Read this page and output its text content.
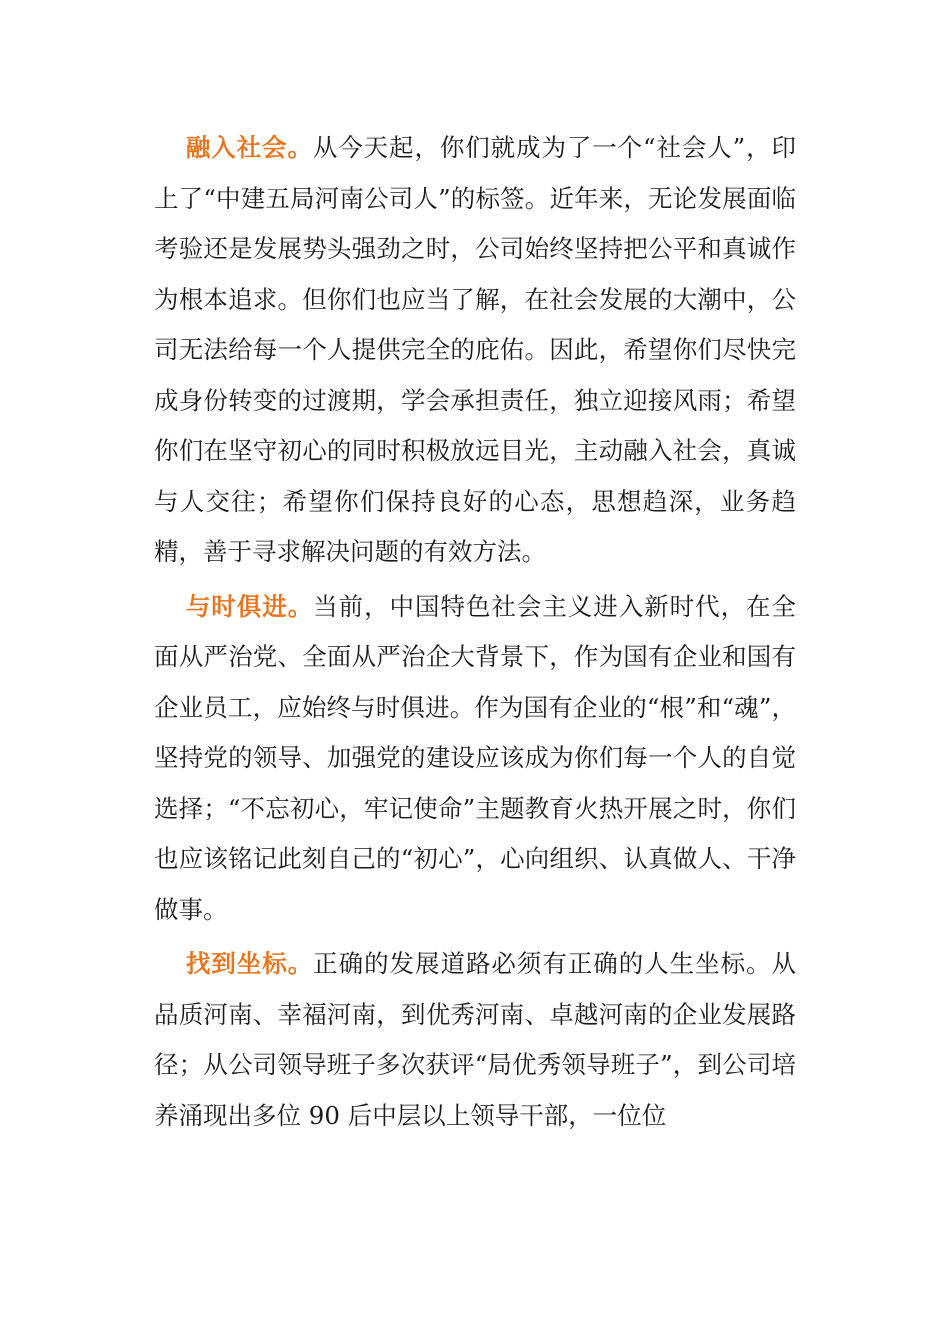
融入社会。从今天起，你们就成为了一个“社会人”，印上了“中建五局河南公司人”的标签。近年来，无论发展面临考验还是发展势头强劲之时，公司始终坚持把公平和真诚作为根本追求。但你们也应当了解，在社会发展的大潮中，公司无法给每一个人提供完全的庇佑。因此，希望你们尽快完成身份转变的过渡期，学会承担责任，独立迎接风雨；希望你们在坚守初心的同时积极放远目光，主动融入社会，真诚与人交往；希望你们保持良好的心态，思想趋深，业务趋精，善于寻求解决问题的有效方法。

与时俱进。当前，中国特色社会主义进入新时代，在全面从严治党、全面从严治企大背景下，作为国有企业和国有企业员工，应始终与时俱进。作为国有企业的“根”和“魂”，坚持党的领导、加强党的建设应该成为你们每一个人的自觉选择；“不忘初心，牢记使命”主题教育火热开展之时，你们也应该铭记此刻自己的“初心”，心向组织、认真做人、干净做事。

找到坐标。正确的发展道路必须有正确的人生坐标。从品质河南、幸福河南，到优秀河南、卓越河南的企业发展路径；从公司领导班子多次获评“局优秀领导班子”，到公司培养涌现出多位 90 后中层以上领导干部，一位位
